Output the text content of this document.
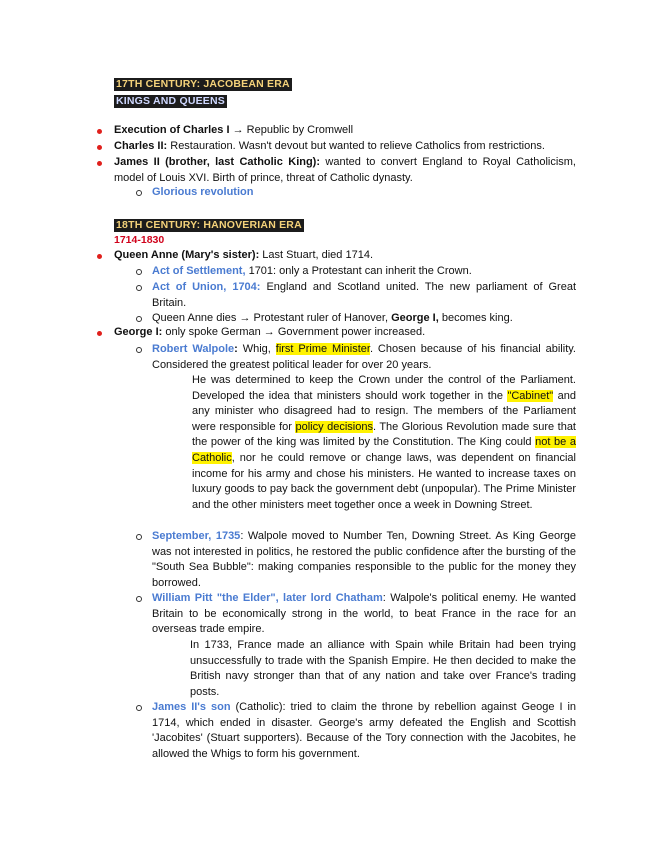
17TH CENTURY: JACOBEAN ERA
KINGS AND QUEENS
Execution of Charles I → Republic by Cromwell
Charles II: Restauration. Wasn't devout but wanted to relieve Catholics from restrictions.
James II (brother, last Catholic King): wanted to convert England to Royal Catholicism, model of Louis XVI. Birth of prince, threat of Catholic dynasty.
Glorious revolution
18TH CENTURY: HANOVERIAN ERA
1714-1830
Queen Anne (Mary's sister): Last Stuart, died 1714.
Act of Settlement, 1701: only a Protestant can inherit the Crown.
Act of Union, 1704: England and Scotland united. The new parliament of Great Britain.
Queen Anne dies → Protestant ruler of Hanover, George I, becomes king.
George I: only spoke German → Government power increased.
Robert Walpole: Whig, first Prime Minister. Chosen because of his financial ability. Considered the greatest political leader for over 20 years.
He was determined to keep the Crown under the control of the Parliament. Developed the idea that ministers should work together in the "Cabinet" and any minister who disagreed had to resign. The members of the Parliament were responsible for policy decisions. The Glorious Revolution made sure that the power of the king was limited by the Constitution. The King could not be a Catholic, nor he could remove or change laws, was dependent on financial income for his army and chose his ministers. He wanted to increase taxes on luxury goods to pay back the government debt (unpopular). The Prime Minister and the other ministers meet together once a week in Downing Street.
September, 1735: Walpole moved to Number Ten, Downing Street. As King George was not interested in politics, he restored the public confidence after the bursting of the "South Sea Bubble": making companies responsible to the public for the money they borrowed.
William Pitt "the Elder", later lord Chatham: Walpole's political enemy. He wanted Britain to be economically strong in the world, to beat France in the race for an overseas trade empire.
In 1733, France made an alliance with Spain while Britain had been trying unsuccessfully to trade with the Spanish Empire. He then decided to make the British navy stronger than that of any nation and take over France's trading posts.
James II's son (Catholic): tried to claim the throne by rebellion against Geoge I in 1714, which ended in disaster. George's army defeated the English and Scottish 'Jacobites' (Stuart supporters). Because of the Tory connection with the Jacobites, he allowed the Whigs to form his government.
